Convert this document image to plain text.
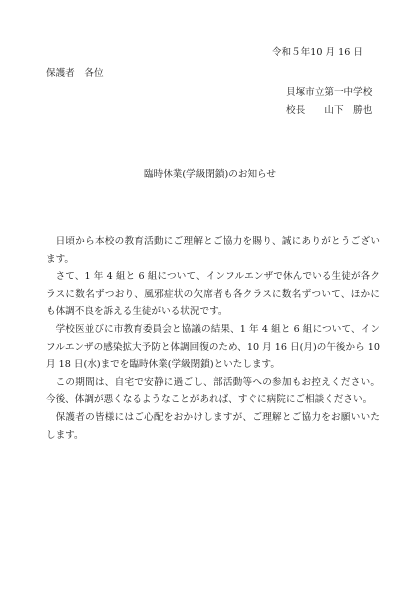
令和５年10 月 16 日
保護者　各位
貝塚市立第一中学校
校長　　山下　勝也
臨時休業(学級閉鎖)のお知らせ

日頃から本校の教育活動にご理解とご協力を賜り、誠にありがとうございます。

さて、1 年 4 組と 6 組について、インフルエンザで休んでいる生徒が各クラスに数名ずつおり、風邪症状の欠席者も各クラスに数名ずついて、ほかにも体調不良を訴える生徒がいる状況です。

学校医並びに市教育委員会と協議の結果、1 年 4 組と 6 組について、インフルエンザの感染拡大予防と体調回復のため、10 月 16 日(月)の午後から 10 月 18 日(水)までを臨時休業(学級閉鎖)といたします。

この期間は、自宅で安静に過ごし、部活動等への参加もお控えください。今後、体調が悪くなるようなことがあれば、すぐに病院にご相談ください。

保護者の皆様にはご心配をおかけしますが、ご理解とご協力をお願いいたします。
